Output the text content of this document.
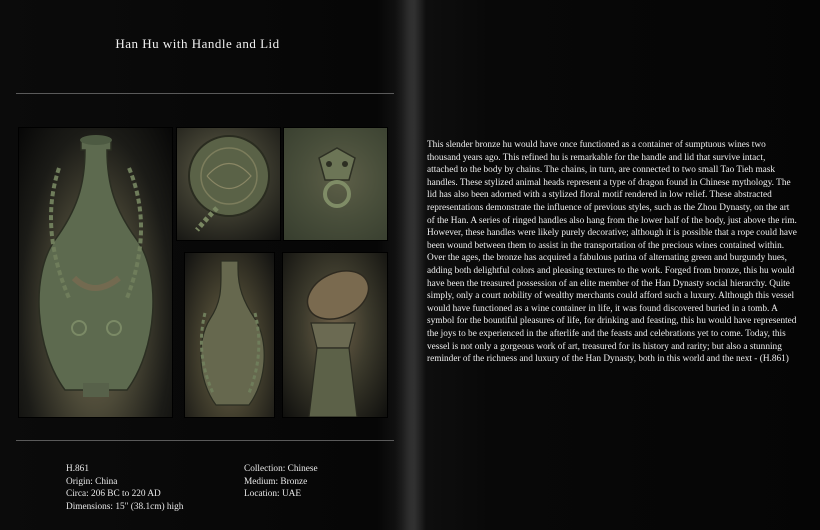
Han Hu with Handle and Lid

This slender bronze hu would have once functioned as a container of sumptuous wines two thousand years ago. This refined hu is remarkable for the handle and lid that survive intact, attached to the body by chains. The chains, in turn, are connected to two small Tao Tieh mask handles. These stylized animal heads represent a type of dragon found in Chinese mythology. The lid has also been adorned with a stylized floral motif rendered in low relief. These abstracted representations demonstrate the influence of previous styles, such as the Zhou Dynasty, on the art of the Han. A series of ringed handles also hang from the lower half of the body, just above the rim. However, these handles were likely purely decorative; although it is possible that a rope could have been wound between them to assist in the transportation of the precious wines contained within. Over the ages, the bronze has acquired a fabulous patina of alternating green and burgundy hues, adding both delightful colors and pleasing textures to the work. Forged from bronze, this hu would have been the treasured possession of an elite member of the Han Dynasty social hierarchy. Quite simply, only a court nobility of wealthy merchants could afford such a luxury. Although this vessel would have functioned as a wine container in life, it was found discovered buried in a tomb. A symbol for the bountiful pleasures of life, for drinking and feasting, this hu would have represented the joys to be experienced in the afterlife and the feasts and celebrations yet to come. Today, this vessel is not only a gorgeous work of art, treasured for its history and rarity; but also a stunning reminder of the richness and luxury of the Han Dynasty, both in this world and the next - (H.861)

H.861
Origin: China
Circa: 206 BC to 220 AD
Dimensions: 15" (38.1cm) high
Collection: Chinese
Medium: Bronze
Location: UAE
